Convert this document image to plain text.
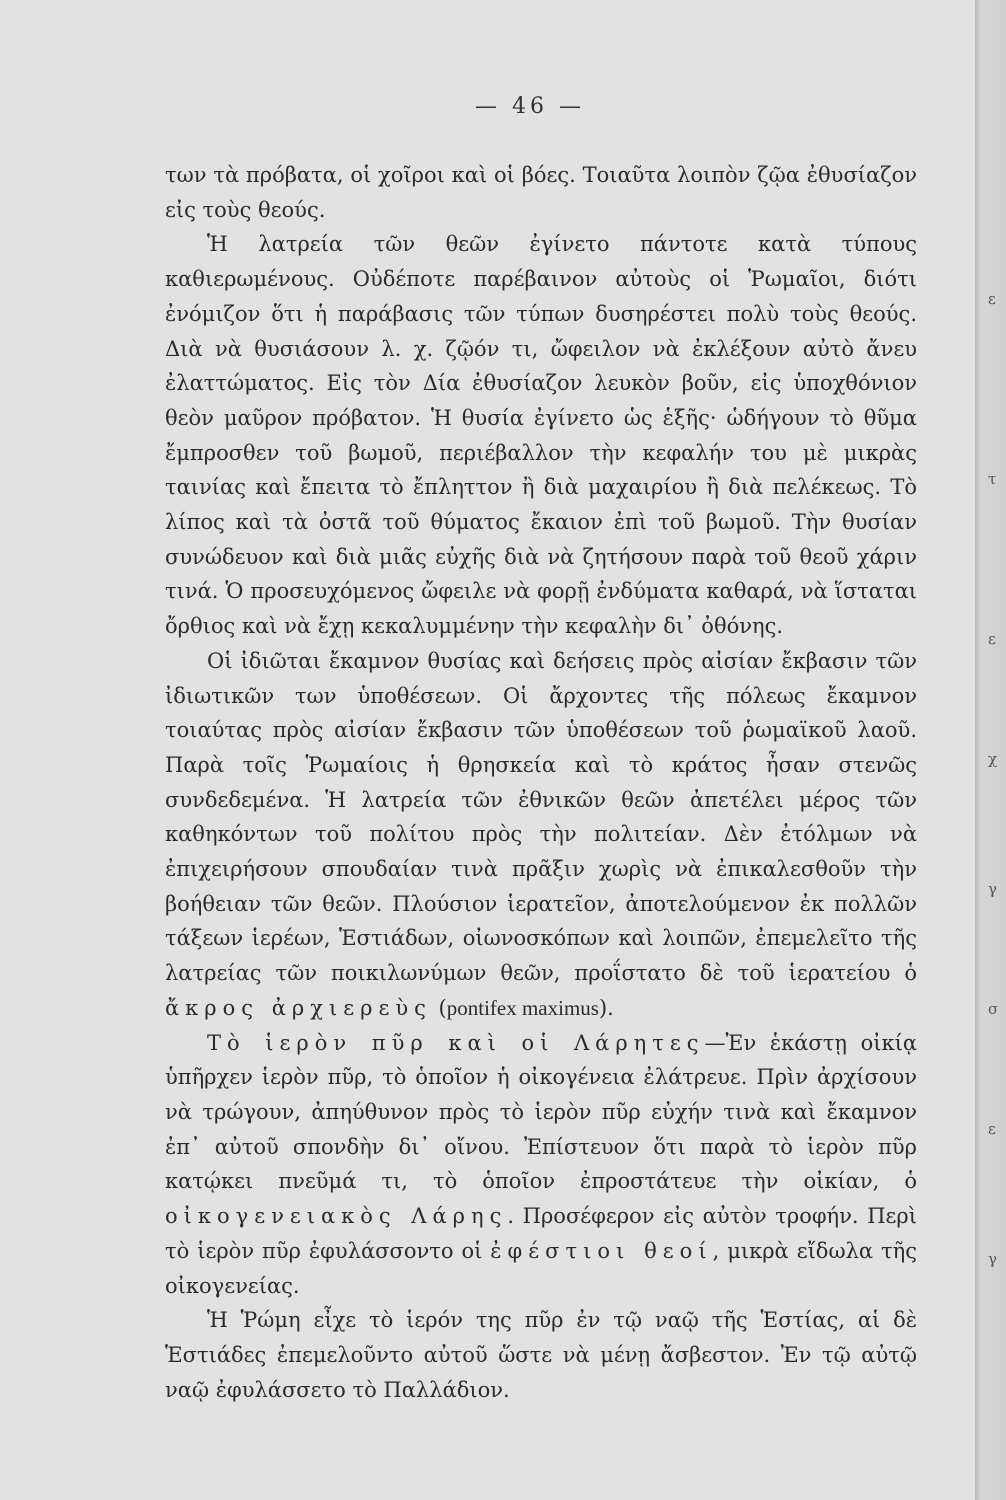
— 46 —

των τὰ πρόβατα, οἱ χοῖροι καὶ οἱ βόες. Τοιαῦτα λοιπὸν ζῷα ἐθυσίαζον εἰς τοὺς θεούς.

Ἡ λατρεία τῶν θεῶν ἐγίνετο πάντοτε κατὰ τύπους καθιερωμένους. Οὐδέποτε παρέβαινον αὐτοὺς οἱ Ῥωμαῖοι, διότι ἐνόμιζον ὅτι ἡ παράβασις τῶν τύπων δυσηρέστει πολὺ τοὺς θεούς. Διὰ νὰ θυσιάσουν λ. χ. ζῷόν τι, ὤφειλον νὰ ἐκλέξουν αὐτὸ ἄνευ ἐλαττώματος. Εἰς τὸν Δία ἐθυσίαζον λευκὸν βοῦν, εἰς ὑποχθόνιον θεὸν μαῦρον πρόβατον. Ἡ θυσία ἐγίνετο ὡς ἑξῆς· ὡδήγουν τὸ θῦμα ἔμπροσθεν τοῦ βωμοῦ, περιέβαλλον τὴν κεφαλήν του μὲ μικρὰς ταινίας καὶ ἔπειτα τὸ ἔπληττον ἢ διὰ μαχαιρίου ἢ διὰ πελέκεως. Τὸ λίπος καὶ τὰ ὀστᾶ τοῦ θύματος ἔκαιον ἐπὶ τοῦ βωμοῦ. Τὴν θυσίαν συνώδευον καὶ διὰ μιᾶς εὐχῆς διὰ νὰ ζητήσουν παρὰ τοῦ θεοῦ χάριν τινά. Ὁ προσευχόμενος ὤφειλε νὰ φορῇ ἐνδύματα καθαρά, νὰ ἵσταται ὄρθιος καὶ νὰ ἔχῃ κεκαλυμμένην τὴν κεφαλὴν δι᾽ ὀθόνης.

Οἱ ἰδιῶται ἔκαμνον θυσίας καὶ δεήσεις πρὸς αἰσίαν ἔκβασιν τῶν ἰδιωτικῶν των ὑποθέσεων. Οἱ ἄρχοντες τῆς πόλεως ἔκαμνον τοιαύτας πρὸς αἰσίαν ἔκβασιν τῶν ὑποθέσεων τοῦ ῥωμαϊκοῦ λαοῦ. Παρὰ τοῖς Ῥωμαίοις ἡ θρησκεία καὶ τὸ κράτος ἦσαν στενῶς συνδεδεμένα. Ἡ λατρεία τῶν ἐθνικῶν θεῶν ἀπετέλει μέρος τῶν καθηκόντων τοῦ πολίτου πρὸς τὴν πολιτείαν. Δὲν ἐτόλμων νὰ ἐπιχειρήσουν σπουδαίαν τινὰ πρᾶξιν χωρὶς νὰ ἐπικαλεσθοῦν τὴν βοήθειαν τῶν θεῶν. Πλούσιον ἱερατεῖον, ἀποτελούμενον ἐκ πολλῶν τάξεων ἱερέων, Ἑστιάδων, οἰωνοσκόπων καὶ λοιπῶν, ἐπεμελεῖτο τῆς λατρείας τῶν ποικιλωνύμων θεῶν, προΐστατο δὲ τοῦ ἱερατείου ὁ ἄκρος ἀρχιερεὺς (pontifex maximus).

Τὸ ἱερὸν πῦρ καὶ οἱ Λάρητες—Ἐν ἑκάστῃ οἰκίᾳ ὑπῆρχεν ἱερὸν πῦρ, τὸ ὁποῖον ἡ οἰκογένεια ἐλάτρευε. Πρὶν ἀρχίσουν νὰ τρώγουν, ἀπηύθυνον πρὸς τὸ ἱερὸν πῦρ εὐχήν τινὰ καὶ ἔκαμνον ἐπ᾽ αὐτοῦ σπονδὴν δι᾽ οἴνου. Ἐπίστευον ὅτι παρὰ τὸ ἱερὸν πῦρ κατῴκει πνεῦμά τι, τὸ ὁποῖον ἐπροστάτευε τὴν οἰκίαν, ὁ οἰκογενειακὸς Λάρης. Προσέφερον εἰς αὐτὸν τροφήν. Περὶ τὸ ἱερὸν πῦρ ἐφυλάσσοντο οἱ ἐφέστιοι θεοί, μικρὰ εἴδωλα τῆς οἰκογενείας.

Ἡ Ῥώμη εἶχε τὸ ἱερόν της πῦρ ἐν τῷ ναῷ τῆς Ἑστίας, αἱ δὲ Ἑστιάδες ἐπεμελοῦντο αὐτοῦ ὥστε νὰ μένῃ ἄσβεστον. Ἐν τῷ αὐτῷ ναῷ ἐφυλάσσετο τὸ Παλλάδιον.

ε
τ
ε
χ
γ
σ
ε
γ
